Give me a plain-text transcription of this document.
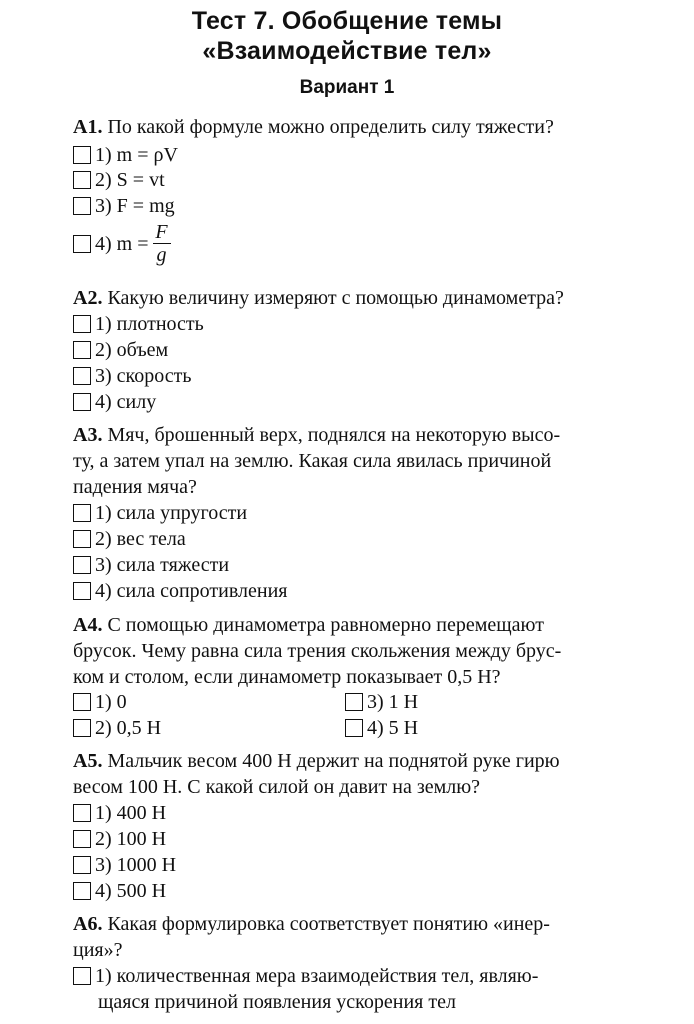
Тест 7. Обобщение темы
«Взаимодействие тел»
Вариант 1
А1. По какой формуле можно определить силу тяжести?
1) m = ρV
2) S = vt
3) F = mg
4) $m = \frac{F}{g}$
А2. Какую величину измеряют с помощью динамометра?
1) плотность
2) объем
3) скорость
4) силу
А3. Мяч, брошенный верх, поднялся на некоторую высо-
ту, а затем упал на землю. Какая сила явилась причиной
падения мяча?
1) сила упругости
2) вес тела
3) сила тяжести
4) сила сопротивления
А4. С помощью динамометра равномерно перемещают
брусок. Чему равна сила трения скольжения между брус-
ком и столом, если динамометр показывает 0,5 Н?
1) 0
2) 0,5 Н
3) 1 Н
4) 5 Н
А5. Мальчик весом 400 Н держит на поднятой руке гирю
весом 100 Н. С какой силой он давит на землю?
1) 400 Н
2) 100 Н
3) 1000 Н
4) 500 Н
А6. Какая формулировка соответствует понятию «инер-
ция»?
1) количественная мера взаимодействия тел, являю-
щаяся причиной появления ускорения тел
